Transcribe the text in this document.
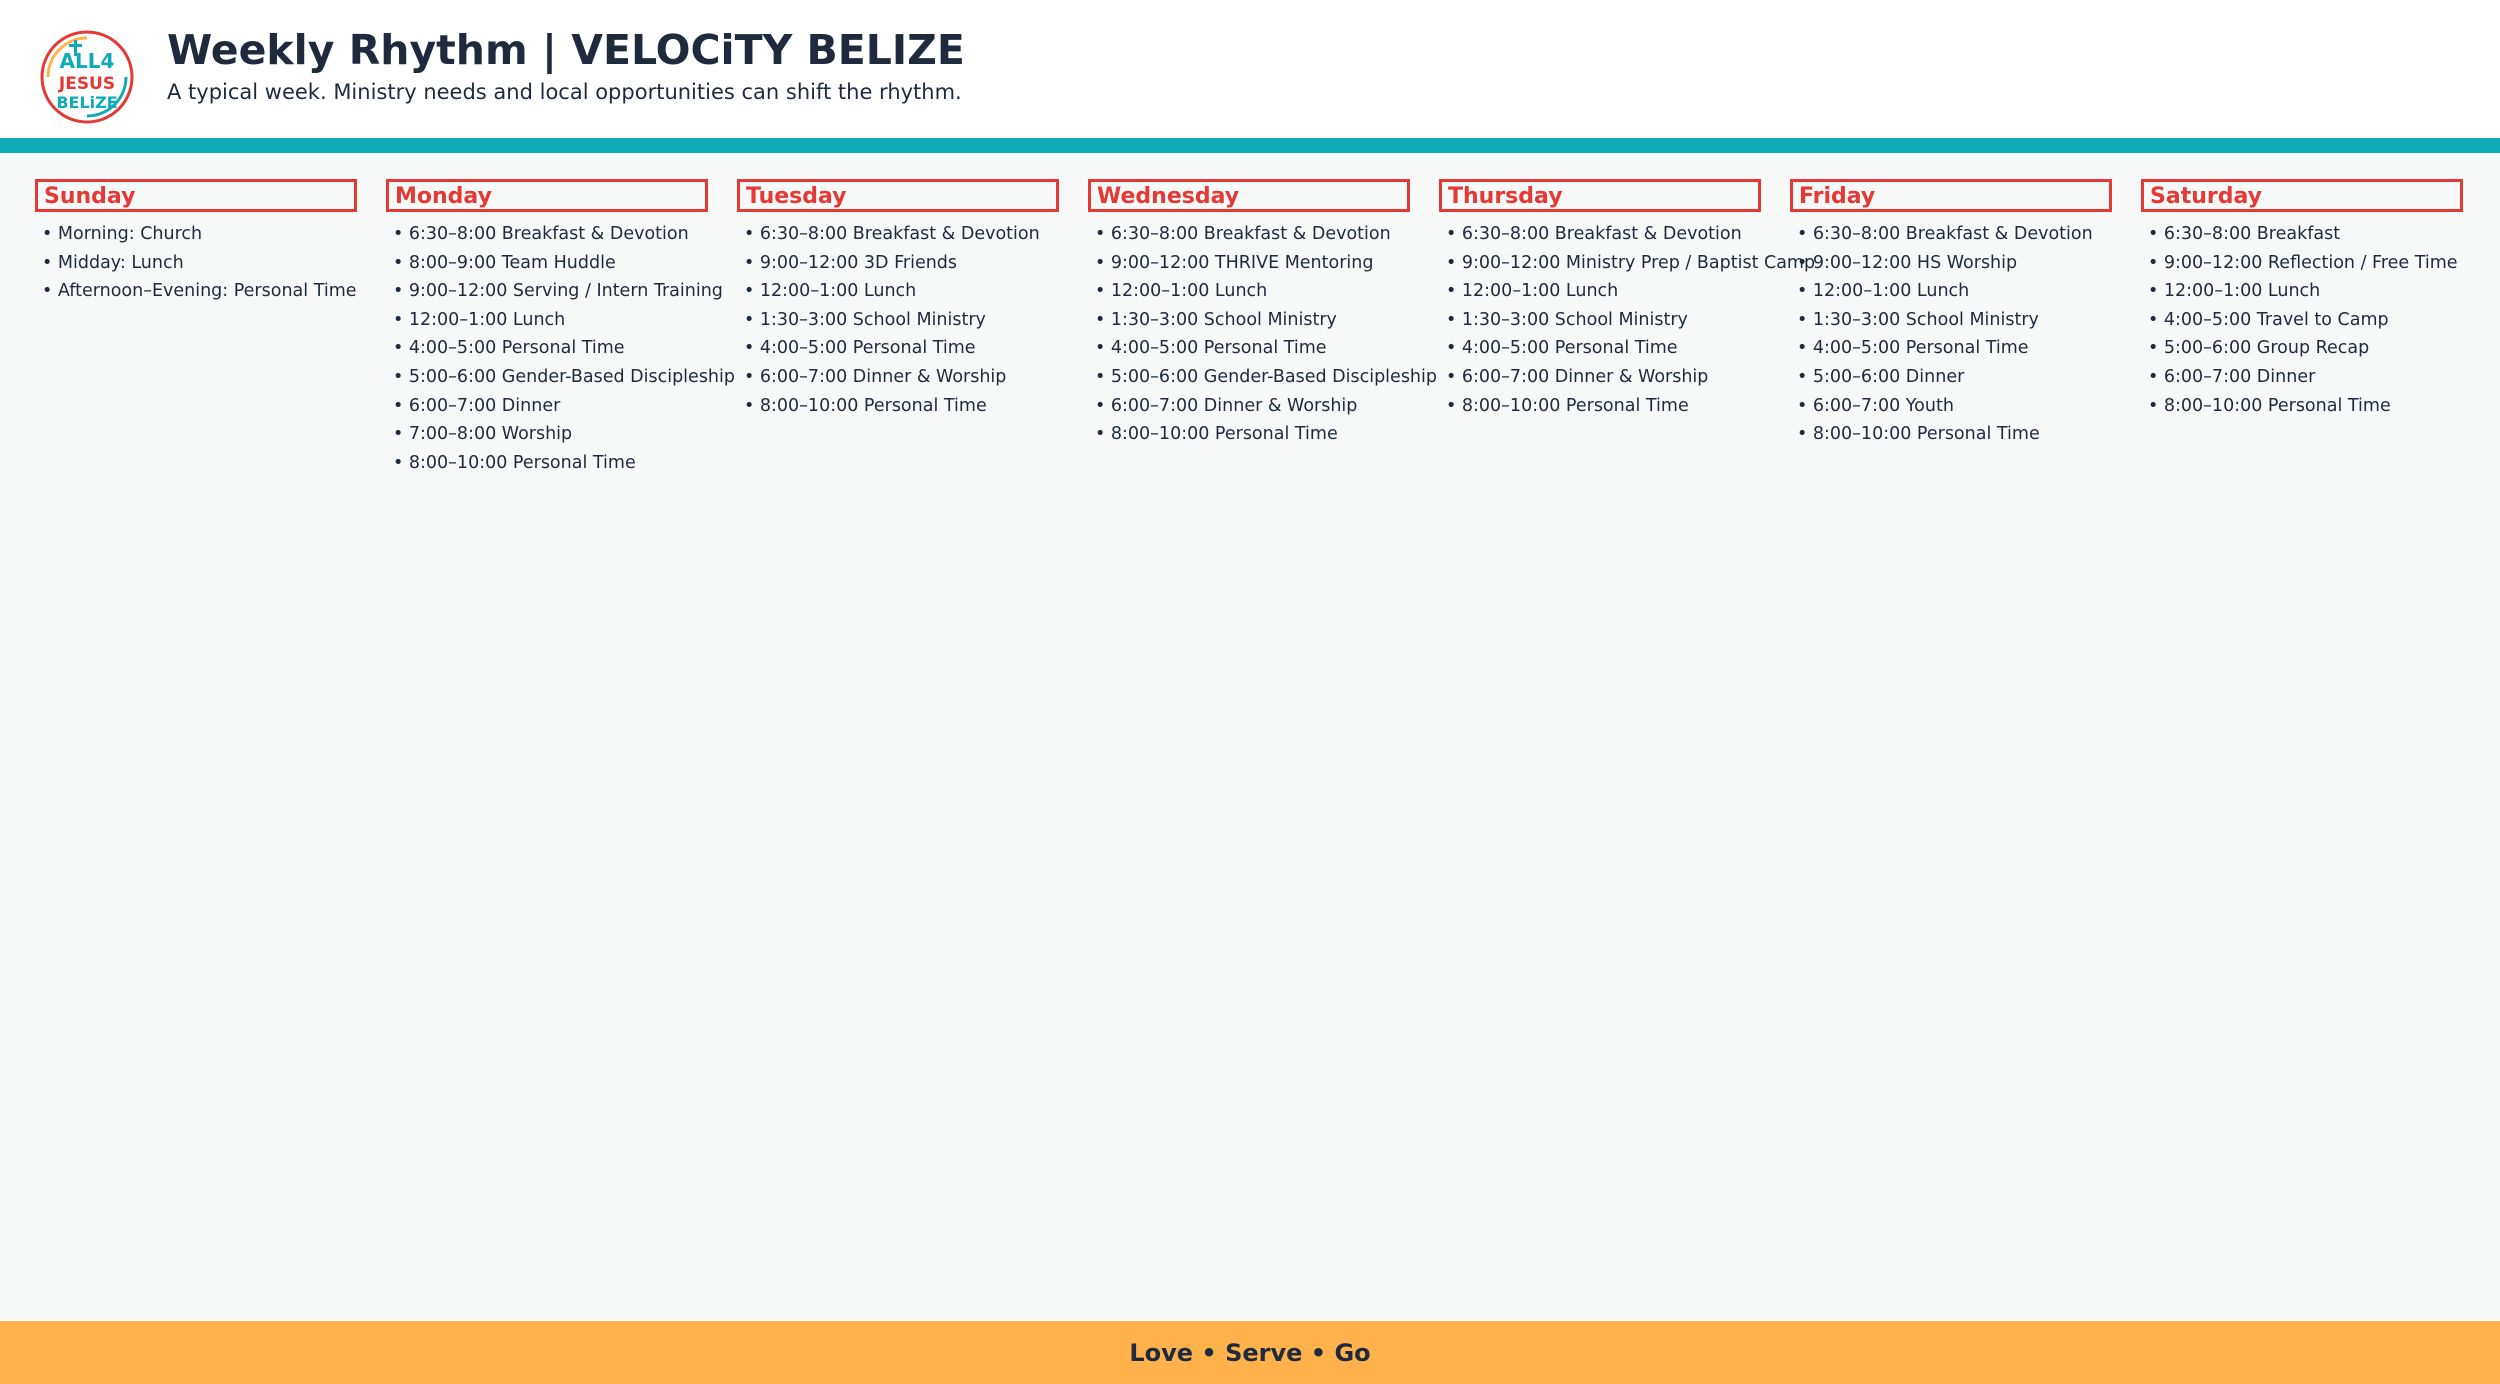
ALL4
JESUS
BELiZE
Weekly Rhythm | VELOCiTY BELIZE

A typical week. Ministry needs and local opportunities can shift the rhythm.

Sunday
• Morning: Church
• Midday: Lunch
• Afternoon–Evening: Personal Time
Monday
• 6:30–8:00 Breakfast & Devotion
• 8:00–9:00 Team Huddle
• 9:00–12:00 Serving / Intern Training
• 12:00–1:00 Lunch
• 4:00–5:00 Personal Time
• 5:00–6:00 Gender-Based Discipleship
• 6:00–7:00 Dinner
• 7:00–8:00 Worship
• 8:00–10:00 Personal Time
Tuesday
• 6:30–8:00 Breakfast & Devotion
• 9:00–12:00 3D Friends
• 12:00–1:00 Lunch
• 1:30–3:00 School Ministry
• 4:00–5:00 Personal Time
• 6:00–7:00 Dinner & Worship
• 8:00–10:00 Personal Time
Wednesday
• 6:30–8:00 Breakfast & Devotion
• 9:00–12:00 THRIVE Mentoring
• 12:00–1:00 Lunch
• 1:30–3:00 School Ministry
• 4:00–5:00 Personal Time
• 5:00–6:00 Gender-Based Discipleship
• 6:00–7:00 Dinner & Worship
• 8:00–10:00 Personal Time
Thursday
• 6:30–8:00 Breakfast & Devotion
• 9:00–12:00 Ministry Prep / Baptist Camp
• 12:00–1:00 Lunch
• 1:30–3:00 School Ministry
• 4:00–5:00 Personal Time
• 6:00–7:00 Dinner & Worship
• 8:00–10:00 Personal Time
Friday
• 6:30–8:00 Breakfast & Devotion
• 9:00–12:00 HS Worship
• 12:00–1:00 Lunch
• 1:30–3:00 School Ministry
• 4:00–5:00 Personal Time
• 5:00–6:00 Dinner
• 6:00–7:00 Youth
• 8:00–10:00 Personal Time
Saturday
• 6:30–8:00 Breakfast
• 9:00–12:00 Reflection / Free Time
• 12:00–1:00 Lunch
• 4:00–5:00 Travel to Camp
• 5:00–6:00 Group Recap
• 6:00–7:00 Dinner
• 8:00–10:00 Personal Time
Love • Serve • Go
